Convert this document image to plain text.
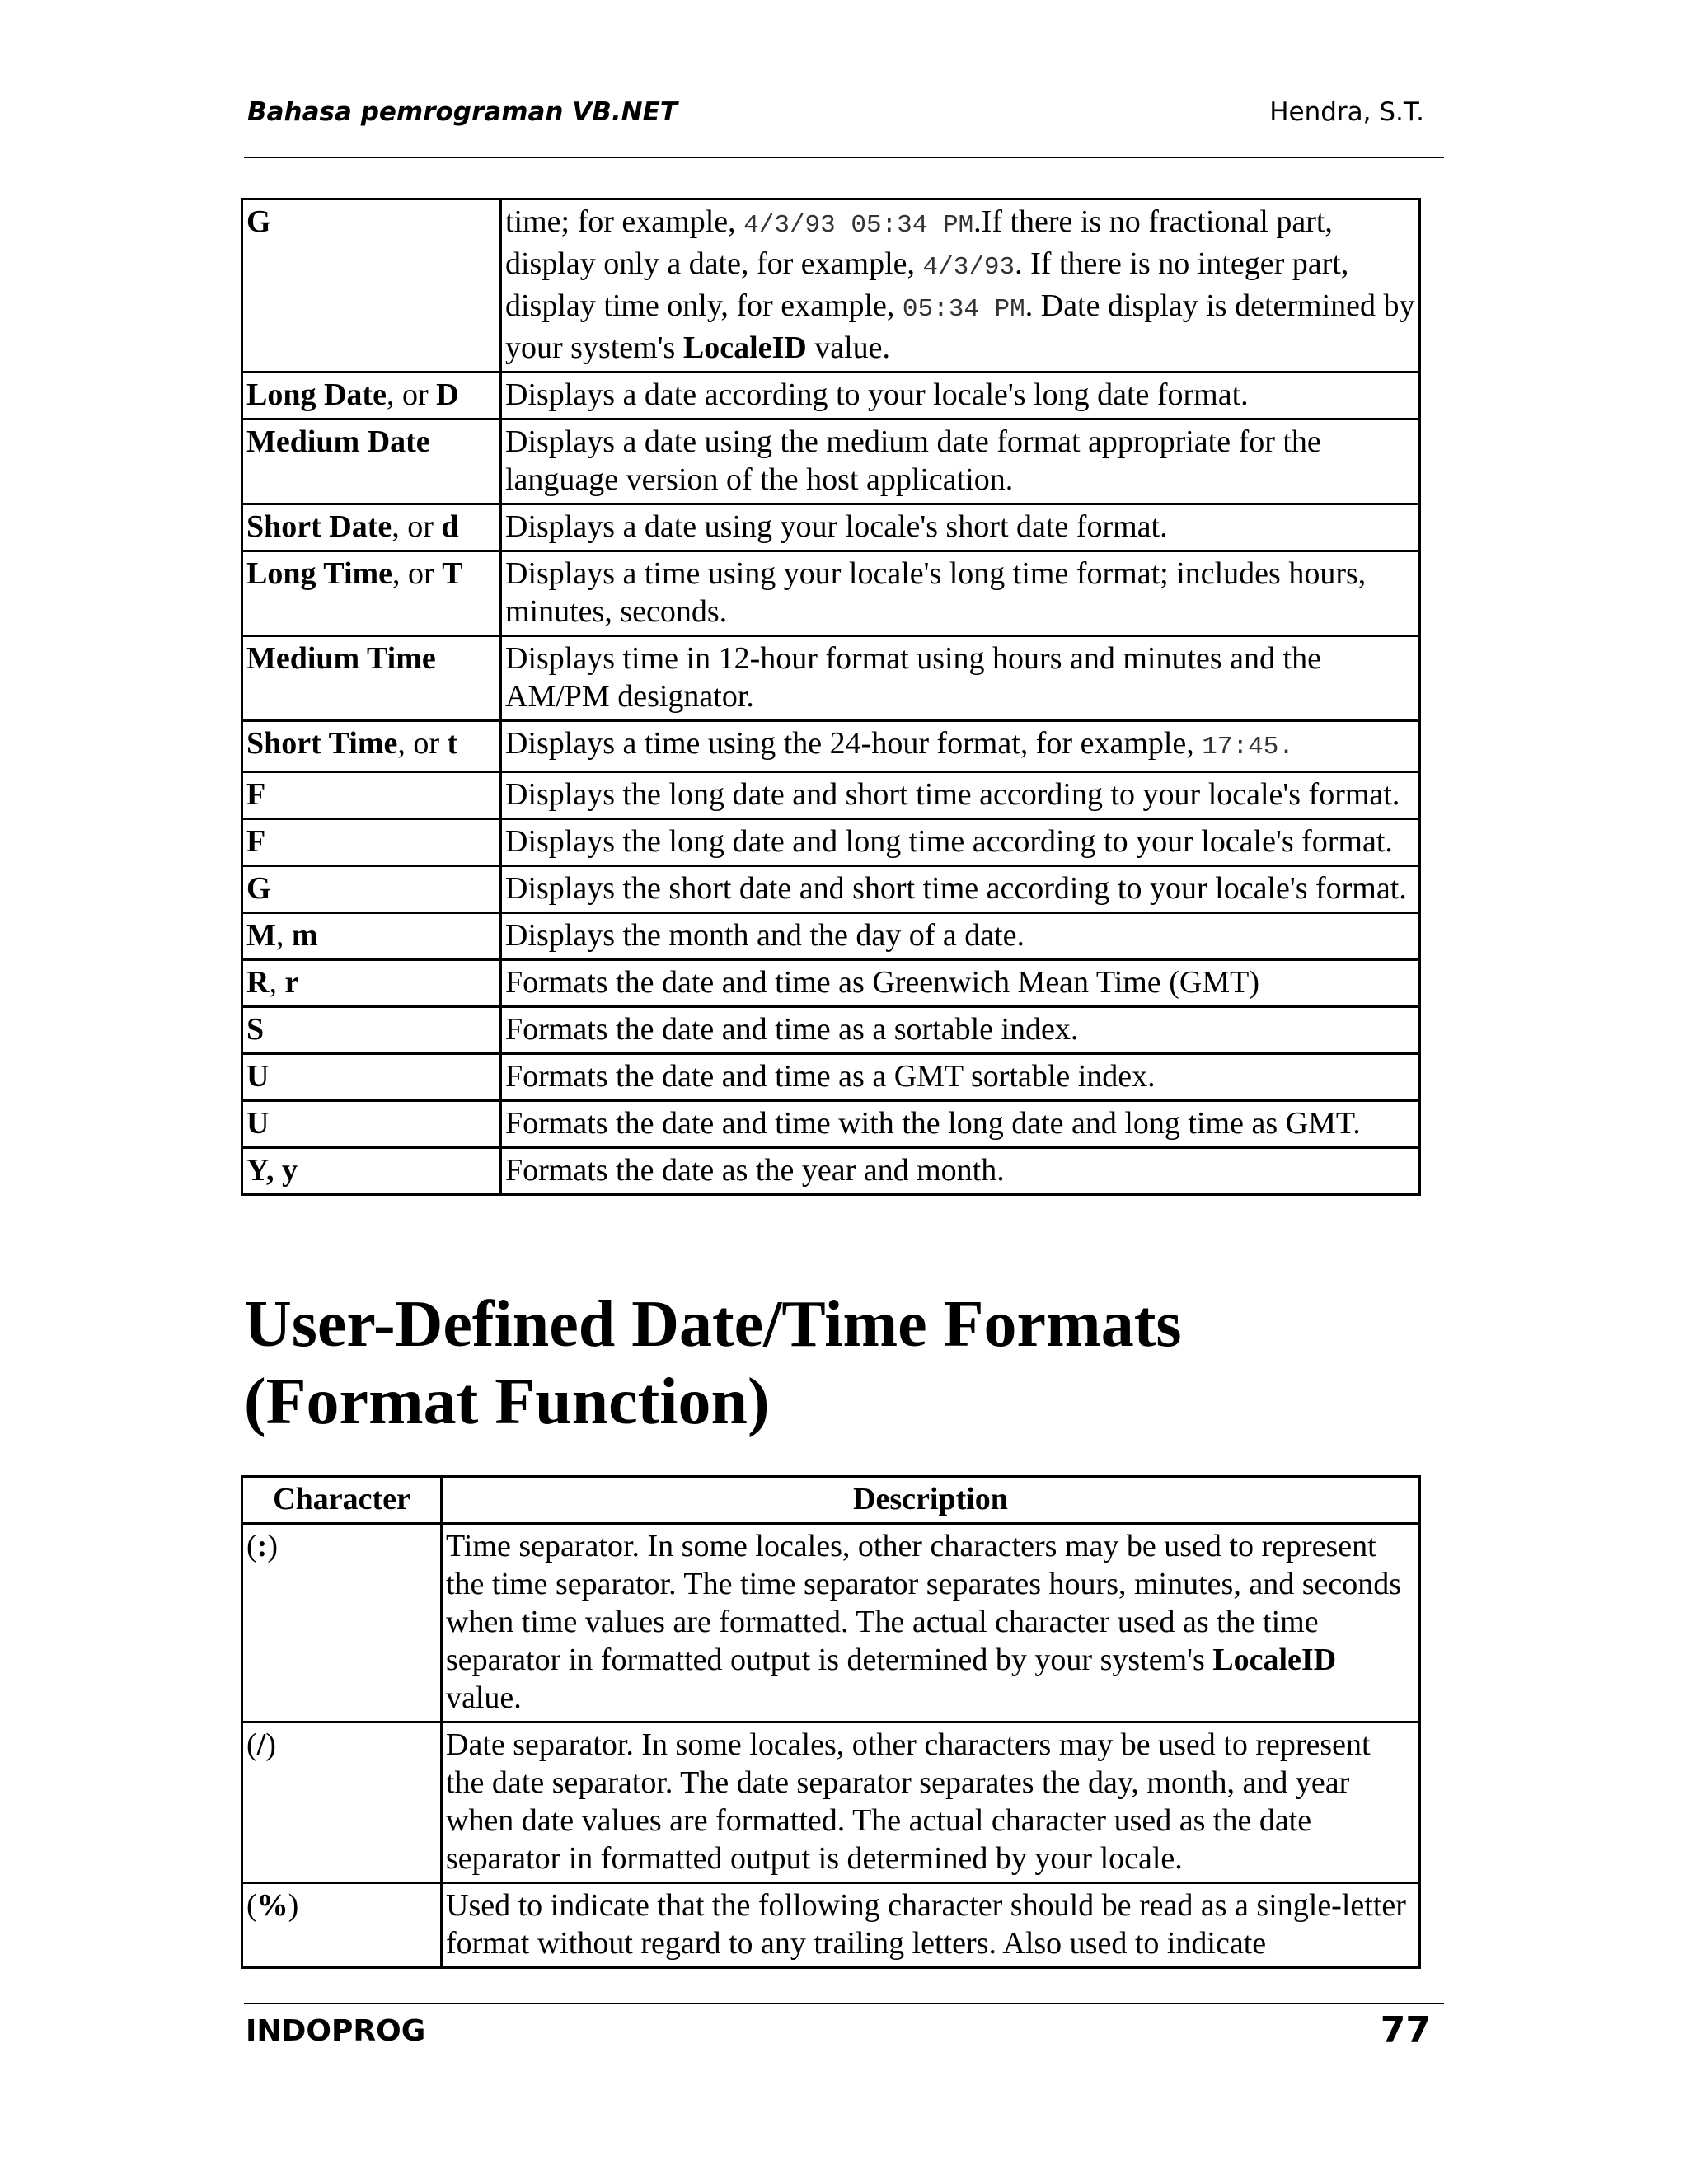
Bahasa pemrograman VB.NET	Hendra, S.T.
G	time; for example, 4/3/93 05:34 PM.If there is no fractional part, display only a date, for example, 4/3/93. If there is no integer part, display time only, for example, 05:34 PM. Date display is determined by your system's LocaleID value.
Long Date, or D	Displays a date according to your locale's long date format.
Medium Date	Displays a date using the medium date format appropriate for the language version of the host application.
Short Date, or d	Displays a date using your locale's short date format.
Long Time, or T	Displays a time using your locale's long time format; includes hours, minutes, seconds.
Medium Time	Displays time in 12-hour format using hours and minutes and the AM/PM designator.
Short Time, or t	Displays a time using the 24-hour format, for example, 17:45.
F	Displays the long date and short time according to your locale's format.
F	Displays the long date and long time according to your locale's format.
G	Displays the short date and short time according to your locale's format.
M, m	Displays the month and the day of a date.
R, r	Formats the date and time as Greenwich Mean Time (GMT)
S	Formats the date and time as a sortable index.
U	Formats the date and time as a GMT sortable index.
U	Formats the date and time with the long date and long time as GMT.
Y, y	Formats the date as the year and month.
User-Defined Date/Time Formats
(Format Function)
Character	Description
(:)	Time separator. In some locales, other characters may be used to represent the time separator. The time separator separates hours, minutes, and seconds when time values are formatted. The actual character used as the time separator in formatted output is determined by your system's LocaleID value.
(/)	Date separator. In some locales, other characters may be used to represent the date separator. The date separator separates the day, month, and year when date values are formatted. The actual character used as the date separator in formatted output is determined by your locale.
(%)	Used to indicate that the following character should be read as a single-letter format without regard to any trailing letters. Also used to indicate
INDOPROG	77
